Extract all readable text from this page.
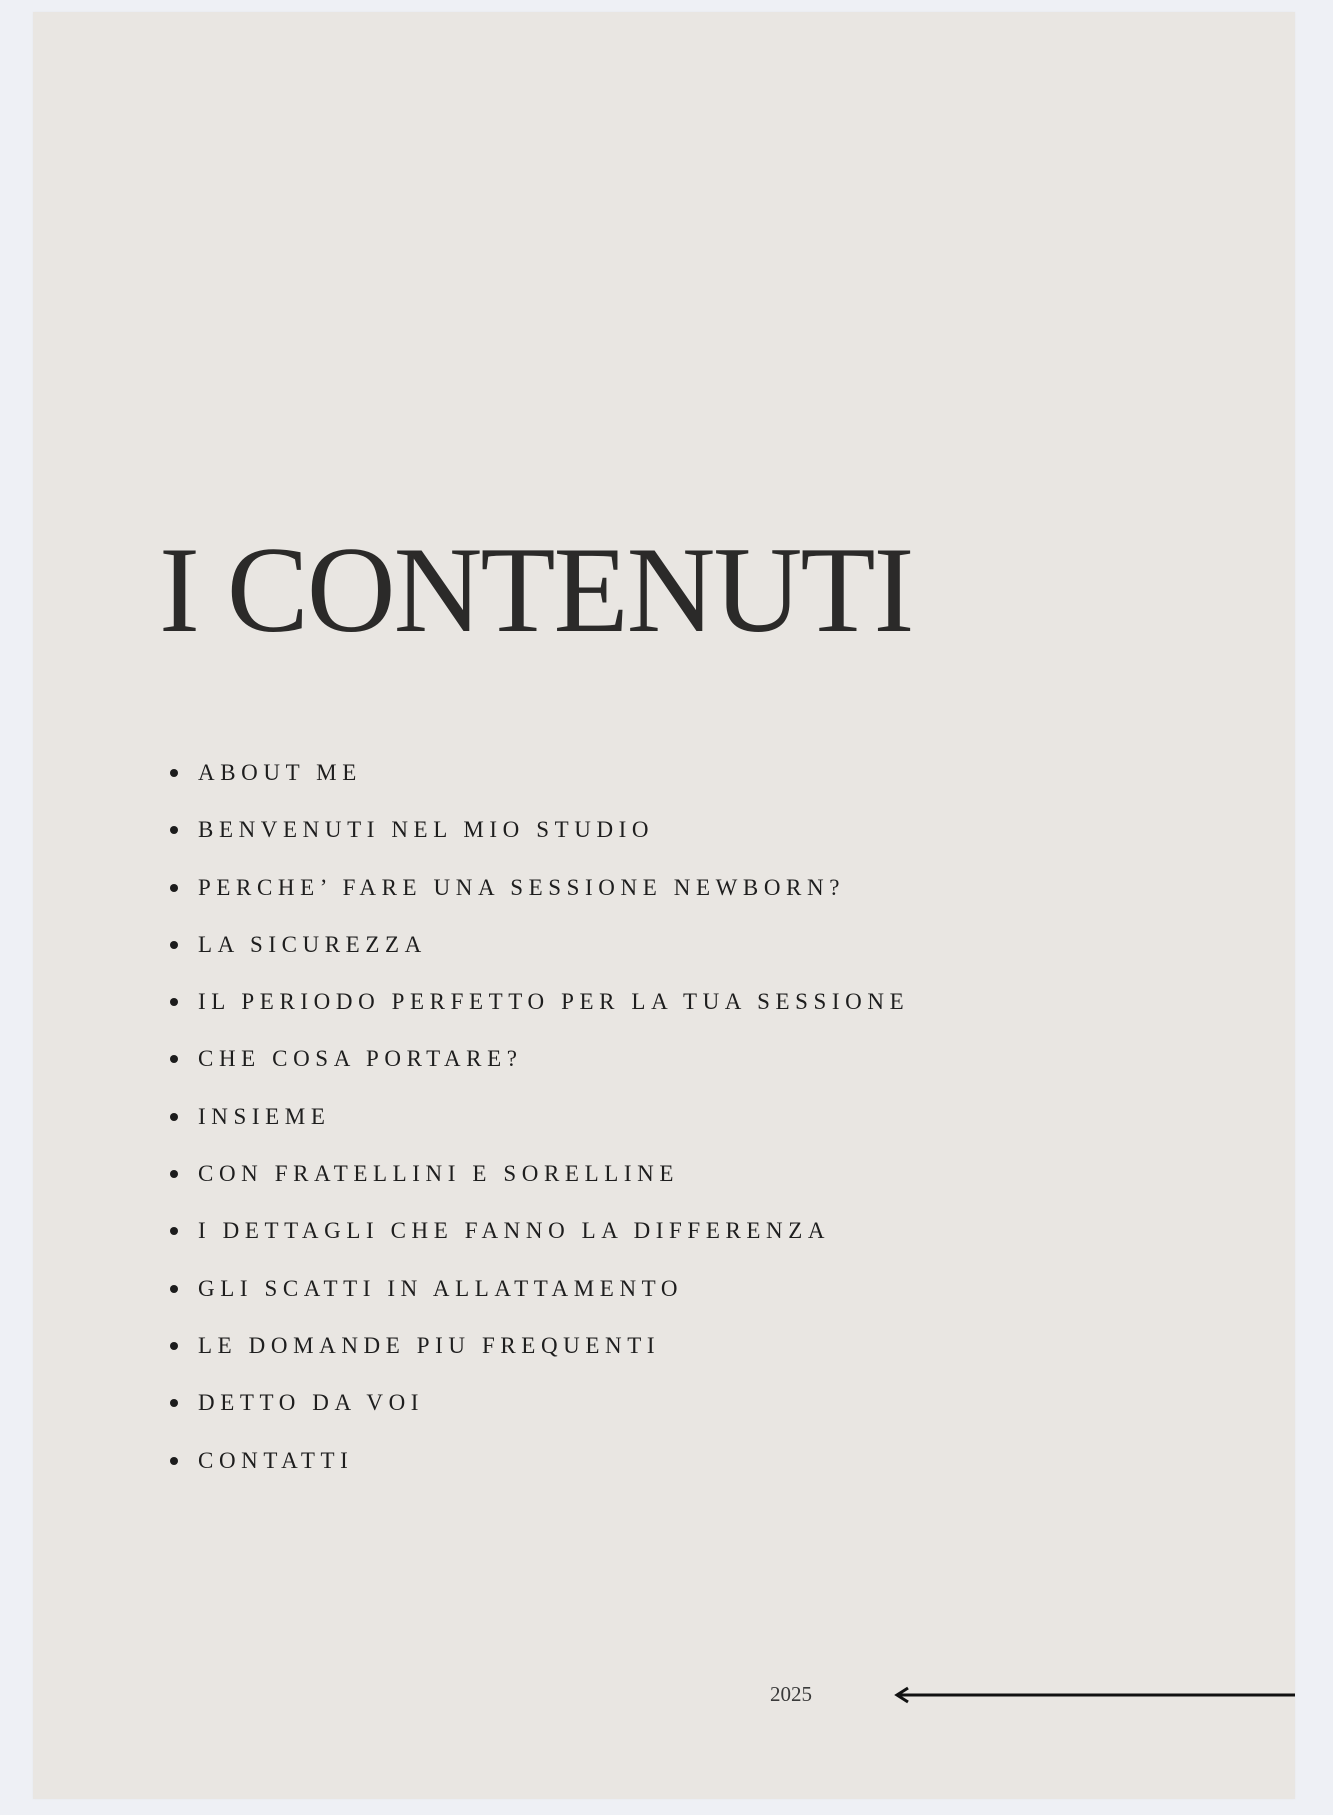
I CONTENUTI
ABOUT ME
BENVENUTI NEL MIO STUDIO
PERCHE’ FARE UNA SESSIONE NEWBORN?
LA SICUREZZA
IL PERIODO PERFETTO PER LA TUA SESSIONE
CHE COSA PORTARE?
INSIEME
CON FRATELLINI E SORELLINE
I DETTAGLI CHE FANNO LA DIFFERENZA
GLI SCATTI IN ALLATTAMENTO
LE DOMANDE PIU FREQUENTI
DETTO DA VOI
CONTATTI
2025
